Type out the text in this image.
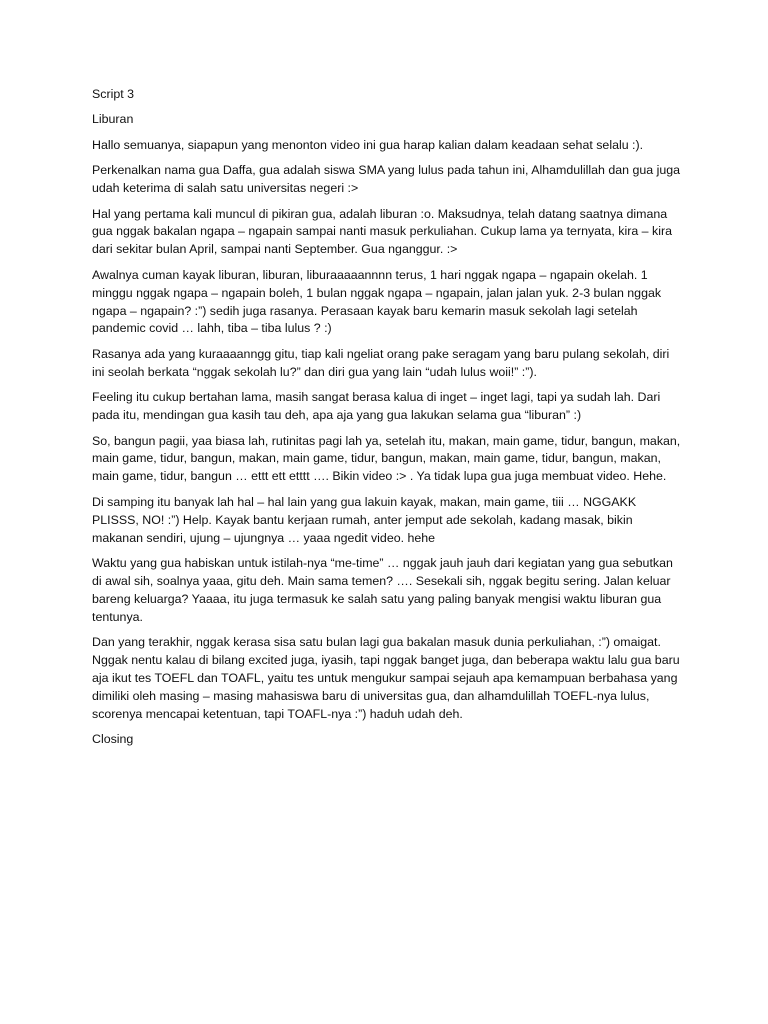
Script 3

Liburan

Hallo semuanya, siapapun yang menonton video ini gua harap kalian dalam keadaan sehat selalu :).

Perkenalkan nama gua Daffa, gua adalah siswa SMA yang lulus pada tahun ini, Alhamdulillah dan gua juga udah keterima di salah satu universitas negeri :>

Hal yang pertama kali muncul di pikiran gua, adalah liburan :o. Maksudnya, telah datang saatnya dimana gua nggak bakalan ngapa – ngapain sampai nanti masuk perkuliahan. Cukup lama ya ternyata, kira – kira dari sekitar bulan April, sampai nanti September. Gua nganggur. :>

Awalnya cuman kayak liburan, liburan, liburaaaaannnn terus, 1 hari nggak ngapa – ngapain okelah. 1 minggu nggak ngapa – ngapain boleh, 1 bulan nggak ngapa – ngapain, jalan jalan yuk. 2-3 bulan nggak ngapa – ngapain? :”) sedih juga rasanya. Perasaan kayak baru kemarin masuk sekolah lagi setelah pandemic covid … lahh, tiba – tiba lulus ? :)

Rasanya ada yang kuraaaanngg gitu, tiap kali ngeliat orang pake seragam yang baru pulang sekolah, diri ini seolah berkata “nggak sekolah lu?” dan diri gua yang lain “udah lulus woii!” :”).

Feeling itu cukup bertahan lama, masih sangat berasa kalua di inget – inget lagi, tapi ya sudah lah. Dari pada itu, mendingan gua kasih tau deh, apa aja yang gua lakukan selama gua “liburan” :)

So, bangun pagii, yaa biasa lah, rutinitas pagi lah ya, setelah itu, makan, main game, tidur, bangun, makan, main game, tidur, bangun, makan, main game, tidur, bangun, makan, main game, tidur, bangun, makan, main game, tidur, bangun … ettt ett etttt …. Bikin video :> . Ya tidak lupa gua juga membuat video. Hehe.

Di samping itu banyak lah hal – hal lain yang gua lakuin kayak, makan, main game, tiii … NGGAKK PLISSS, NO! :”) Help. Kayak bantu kerjaan rumah, anter jemput ade sekolah, kadang masak, bikin makanan sendiri, ujung – ujungnya … yaaa ngedit video. hehe

Waktu yang gua habiskan untuk istilah-nya “me-time” … nggak jauh jauh dari kegiatan yang gua sebutkan di awal sih, soalnya yaaa, gitu deh. Main sama temen? …. Sesekali sih, nggak begitu sering. Jalan keluar bareng keluarga? Yaaaa, itu juga termasuk ke salah satu yang paling banyak mengisi waktu liburan gua tentunya.

Dan yang terakhir, nggak kerasa sisa satu bulan lagi gua bakalan masuk dunia perkuliahan, :”) omaigat. Nggak nentu kalau di bilang excited juga, iyasih, tapi nggak banget juga, dan beberapa waktu lalu gua baru aja ikut tes TOEFL dan TOAFL, yaitu tes untuk mengukur sampai sejauh apa kemampuan berbahasa yang dimiliki oleh masing – masing mahasiswa baru di universitas gua, dan alhamdulillah TOEFL-nya lulus, scorenya mencapai ketentuan, tapi TOAFL-nya :”) haduh udah deh.

Closing
